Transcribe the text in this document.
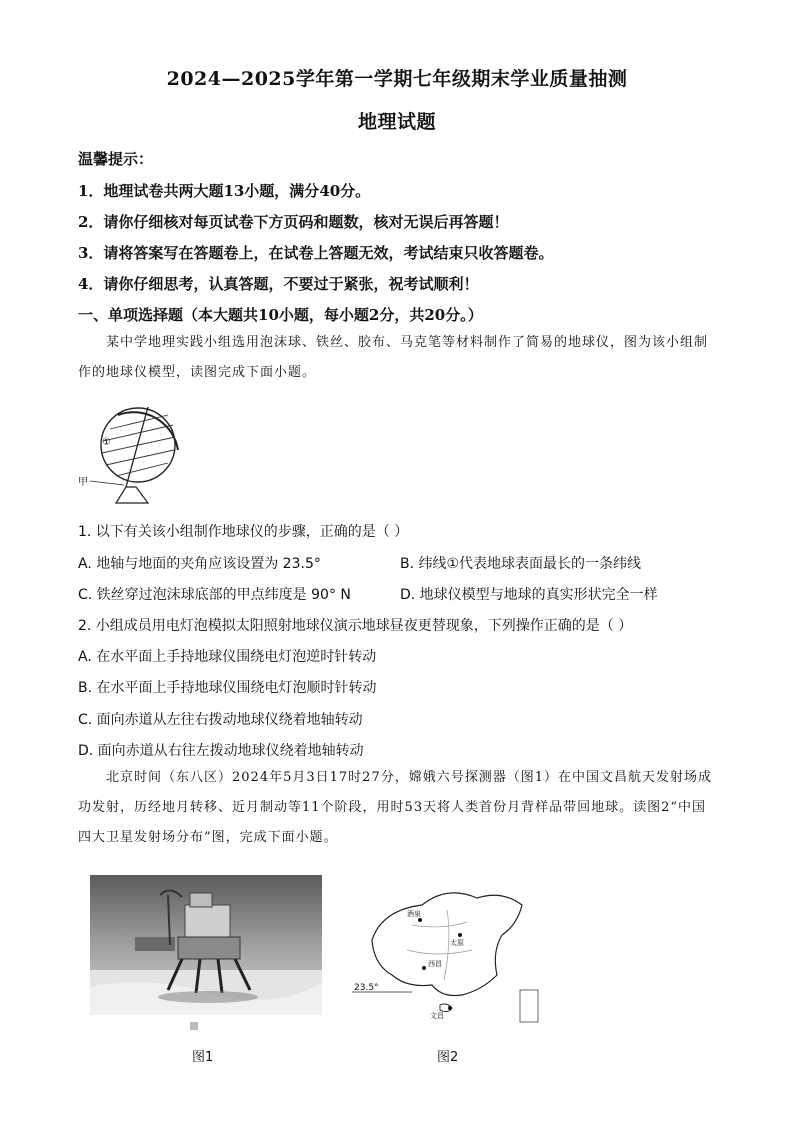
2024—2025学年第一学期七年级期末学业质量抽测
地理试题
温馨提示：
1．地理试卷共两大题13小题，满分40分。
2．请你仔细核对每页试卷下方页码和题数，核对无误后再答题！
3．请将答案写在答题卷上，在试卷上答题无效，考试结束只收答题卷。
4．请你仔细思考，认真答题，不要过于紧张，祝考试顺利！
一、单项选择题（本大题共10小题，每小题2分，共20分。）
某中学地理实践小组选用泡沫球、铁丝、胶布、马克笔等材料制作了简易的地球仪，图为该小组制作的地球仪模型，读图完成下面小题。
①
甲
1. 以下有关该小组制作地球仪的步骤，正确的是（ ）
A. 地轴与地面的夹角应该设置为 23.5°	B. 纬线①代表地球表面最长的一条纬线
C. 铁丝穿过泡沫球底部的甲点纬度是 90° N	D. 地球仪模型与地球的真实形状完全一样
2. 小组成员用电灯泡模拟太阳照射地球仪演示地球昼夜更替现象，下列操作正确的是（ ）
A. 在水平面上手持地球仪围绕电灯泡逆时针转动
B. 在水平面上手持地球仪围绕电灯泡顺时针转动
C. 面向赤道从左往右拨动地球仪绕着地轴转动
D. 面向赤道从右往左拨动地球仪绕着地轴转动
北京时间（东八区）2024年5月3日17时27分，嫦娥六号探测器（图1）在中国文昌航天发射场成功发射，历经地月转移、近月制动等11个阶段，用时53天将人类首份月背样品带回地球。读图2“中国四大卫星发射场分布”图，完成下面小题。
酒泉
太原
西昌
文昌
23.5°
图1	图2
